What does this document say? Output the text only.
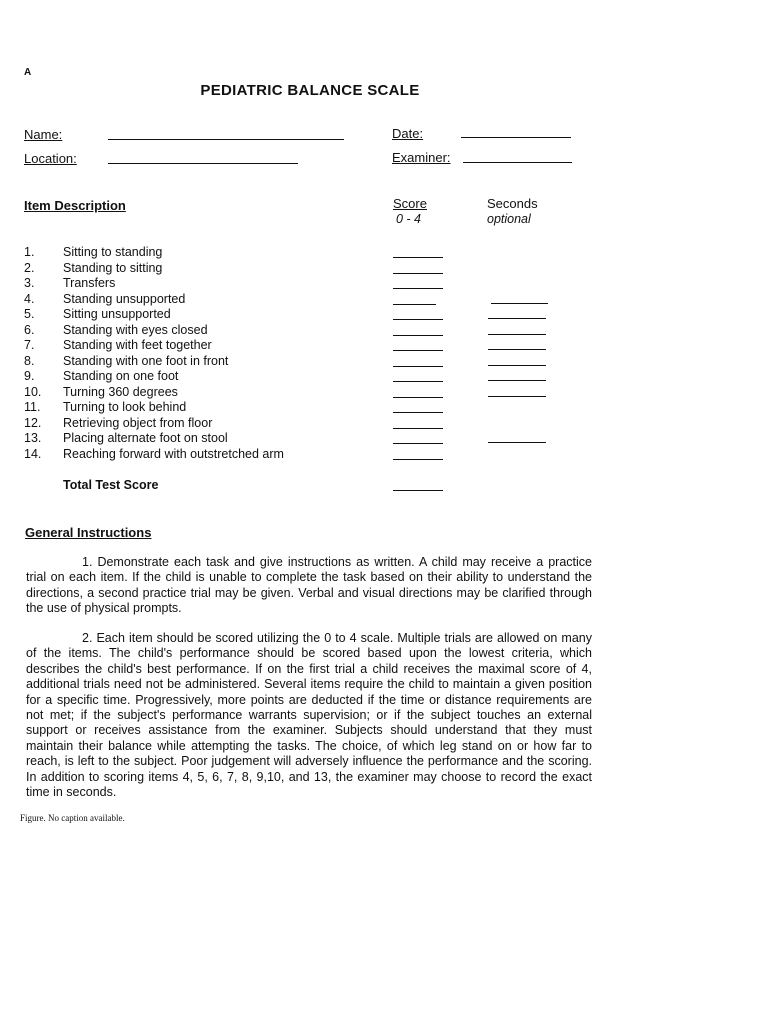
A
PEDIATRIC BALANCE SCALE
Name:
Location:
Date:
Examiner:
Item Description	Score
0 - 4
Seconds
optional
1. Sitting to standing
2. Standing to sitting
3. Transfers
4. Standing unsupported
5. Sitting unsupported
6. Standing with eyes closed
7. Standing with feet together
8. Standing with one foot in front
9. Standing on one foot
10. Turning 360 degrees
11. Turning to look behind
12. Retrieving object from floor
13. Placing alternate foot on stool
14. Reaching forward with outstretched arm
Total Test Score
General Instructions
1. Demonstrate each task and give instructions as written. A child may receive a practice trial on each item. If the child is unable to complete the task based on their ability to understand the directions, a second practice trial may be given. Verbal and visual directions may be clarified through the use of physical prompts.
2. Each item should be scored utilizing the 0 to 4 scale. Multiple trials are allowed on many of the items. The child's performance should be scored based upon the lowest criteria, which describes the child's best performance. If on the first trial a child receives the maximal score of 4, additional trials need not be administered. Several items require the child to maintain a given position for a specific time. Progressively, more points are deducted if the time or distance requirements are not met; if the subject's performance warrants supervision; or if the subject touches an external support or receives assistance from the examiner. Subjects should understand that they must maintain their balance while attempting the tasks. The choice, of which leg stand on or how far to reach, is left to the subject. Poor judgement will adversely influence the performance and the scoring. In addition to scoring items 4, 5, 6, 7, 8, 9,10, and 13, the examiner may choose to record the exact time in seconds.
Figure. No caption available.
